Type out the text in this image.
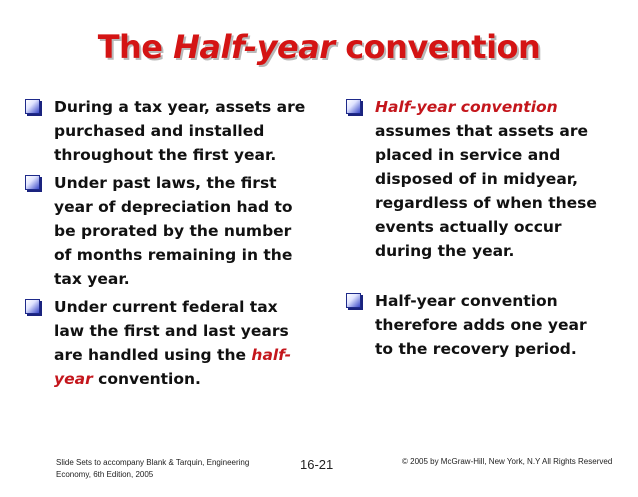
The Half-year convention
During a tax year, assets are purchased and installed throughout the first year.
Under past laws, the first year of depreciation had to be prorated by the number of months remaining in the tax year.
Under current federal tax law the first and last years are handled using the half-year convention.
Half-year convention assumes that assets are placed in service and disposed of in midyear, regardless of when these events actually occur during the year.
Half-year convention therefore adds one year to the recovery period.
Slide Sets to accompany Blank & Tarquin, Engineering
Economy, 6th Edition, 2005
16-21	© 2005 by McGraw-Hill, New York, N.Y All Rights Reserved
